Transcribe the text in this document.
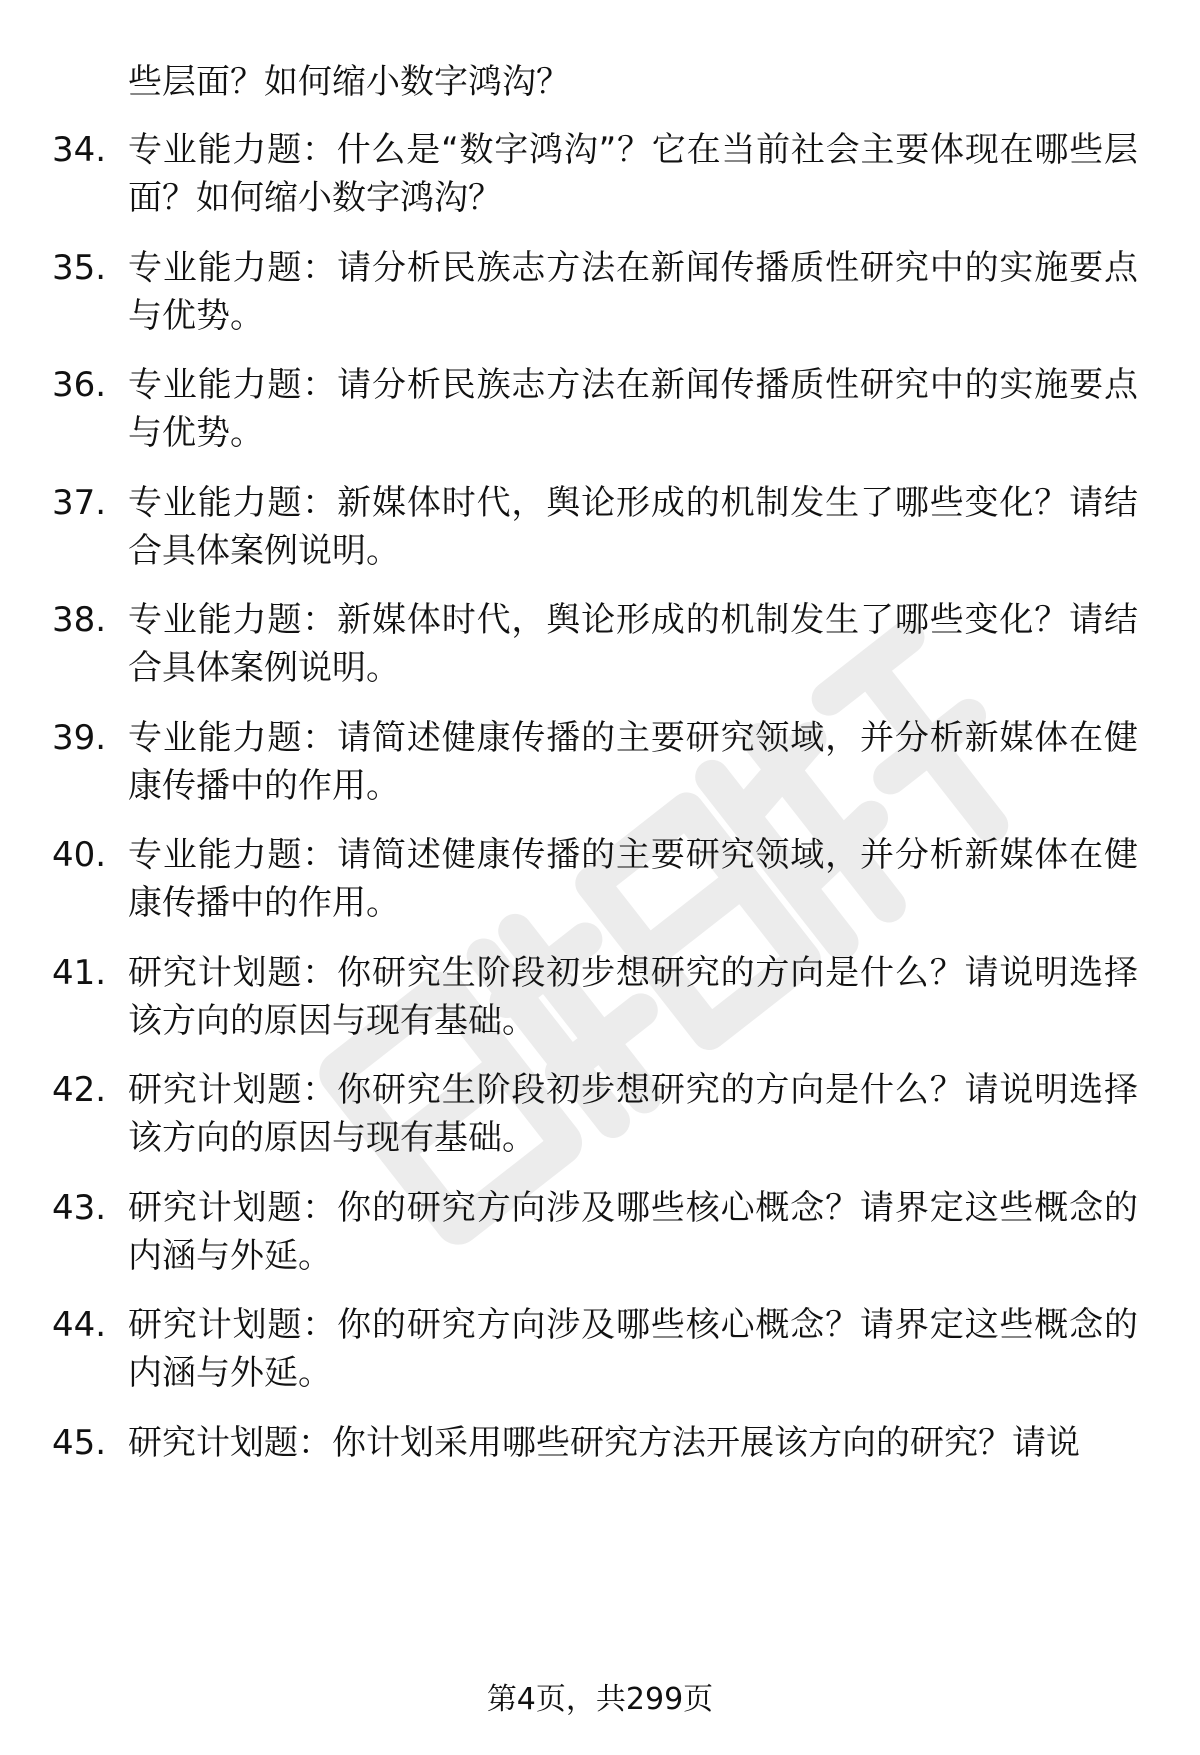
些层面？如何缩小数字鸿沟？
34. 专业能力题：什么是“数字鸿沟”？它在当前社会主要体现在哪些层面？如何缩小数字鸿沟？
35. 专业能力题：请分析民族志方法在新闻传播质性研究中的实施要点与优势。
36. 专业能力题：请分析民族志方法在新闻传播质性研究中的实施要点与优势。
37. 专业能力题：新媒体时代，舆论形成的机制发生了哪些变化？请结合具体案例说明。
38. 专业能力题：新媒体时代，舆论形成的机制发生了哪些变化？请结合具体案例说明。
39. 专业能力题：请简述健康传播的主要研究领域，并分析新媒体在健康传播中的作用。
40. 专业能力题：请简述健康传播的主要研究领域，并分析新媒体在健康传播中的作用。
41. 研究计划题：你研究生阶段初步想研究的方向是什么？请说明选择该方向的原因与现有基础。
42. 研究计划题：你研究生阶段初步想研究的方向是什么？请说明选择该方向的原因与现有基础。
43. 研究计划题：你的研究方向涉及哪些核心概念？请界定这些概念的内涵与外延。
44. 研究计划题：你的研究方向涉及哪些核心概念？请界定这些概念的内涵与外延。
45. 研究计划题：你计划采用哪些研究方法开展该方向的研究？请说
第4页，共299页
